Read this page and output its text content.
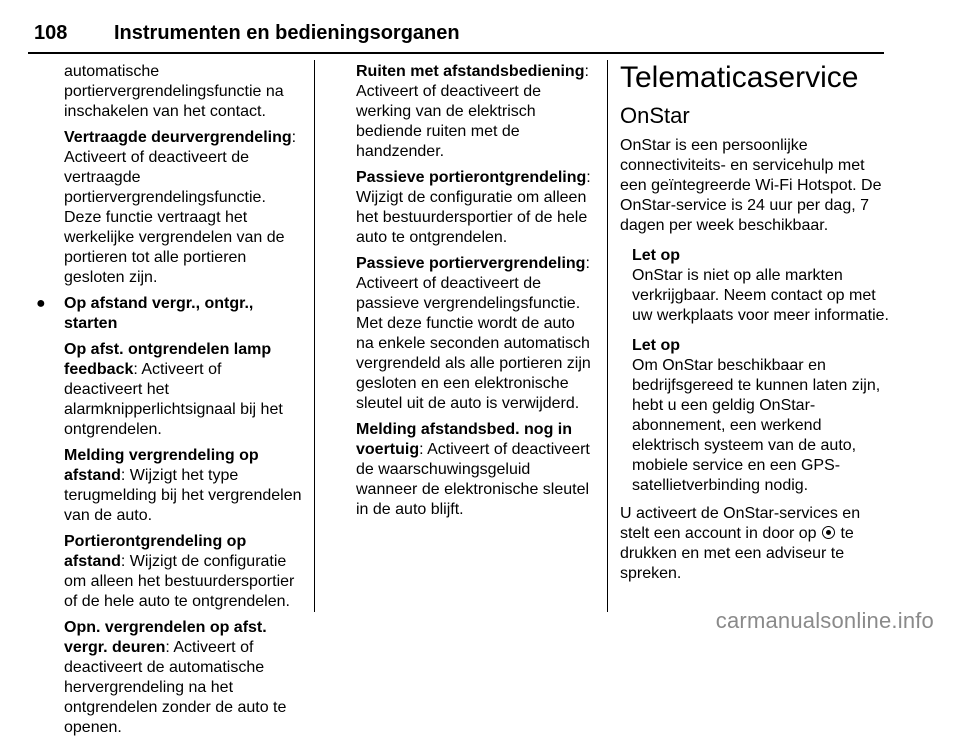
108 Instrumenten en bedieningsorganen

automatische portiervergrendelingsfunctie na inschakelen van het contact.

Vertraagde deurvergrendeling: Activeert of deactiveert de vertraagde portiervergrendelingsfunctie. Deze functie vertraagt het werkelijke vergrendelen van de portieren tot alle portieren gesloten zijn.

● Op afstand vergr., ontgr., starten

Op afst. ontgrendelen lamp feedback: Activeert of deactiveert het alarmknipperlichtsignaal bij het ontgrendelen.

Melding vergrendeling op afstand: Wijzigt het type terugmelding bij het vergrendelen van de auto.

Portierontgrendeling op afstand: Wijzigt de configuratie om alleen het bestuurdersportier of de hele auto te ontgrendelen.

Opn. vergrendelen op afst. vergr. deuren: Activeert of deactiveert de automatische hervergrendeling na het ontgrendelen zonder de auto te openen.

Ruiten met afstandsbediening: Activeert of deactiveert de werking van de elektrisch bediende ruiten met de handzender.

Passieve portierontgrendeling: Wijzigt de configuratie om alleen het bestuurdersportier of de hele auto te ontgrendelen.

Passieve portiervergrendeling: Activeert of deactiveert de passieve vergrendelingsfunctie. Met deze functie wordt de auto na enkele seconden automatisch vergrendeld als alle portieren zijn gesloten en een elektronische sleutel uit de auto is verwijderd.

Melding afstandsbed. nog in voertuig: Activeert of deactiveert de waarschuwingsgeluid wanneer de elektronische sleutel in de auto blijft.

Telematicaservice
OnStar

OnStar is een persoonlijke connectiviteits- en servicehulp met een geïntegreerde Wi-Fi Hotspot. De OnStar-service is 24 uur per dag, 7 dagen per week beschikbaar.

Let op
OnStar is niet op alle markten verkrijgbaar. Neem contact op met uw werkplaats voor meer informatie.
Let op
Om OnStar beschikbaar en bedrijfsgereed te kunnen laten zijn, hebt u een geldig OnStar-abonnement, een werkend elektrisch systeem van de auto, mobiele service en een GPS-satellietverbinding nodig.

U activeert de OnStar-services en stelt een account in door op te drukken en met een adviseur te spreken.

carmanualsonline.info
